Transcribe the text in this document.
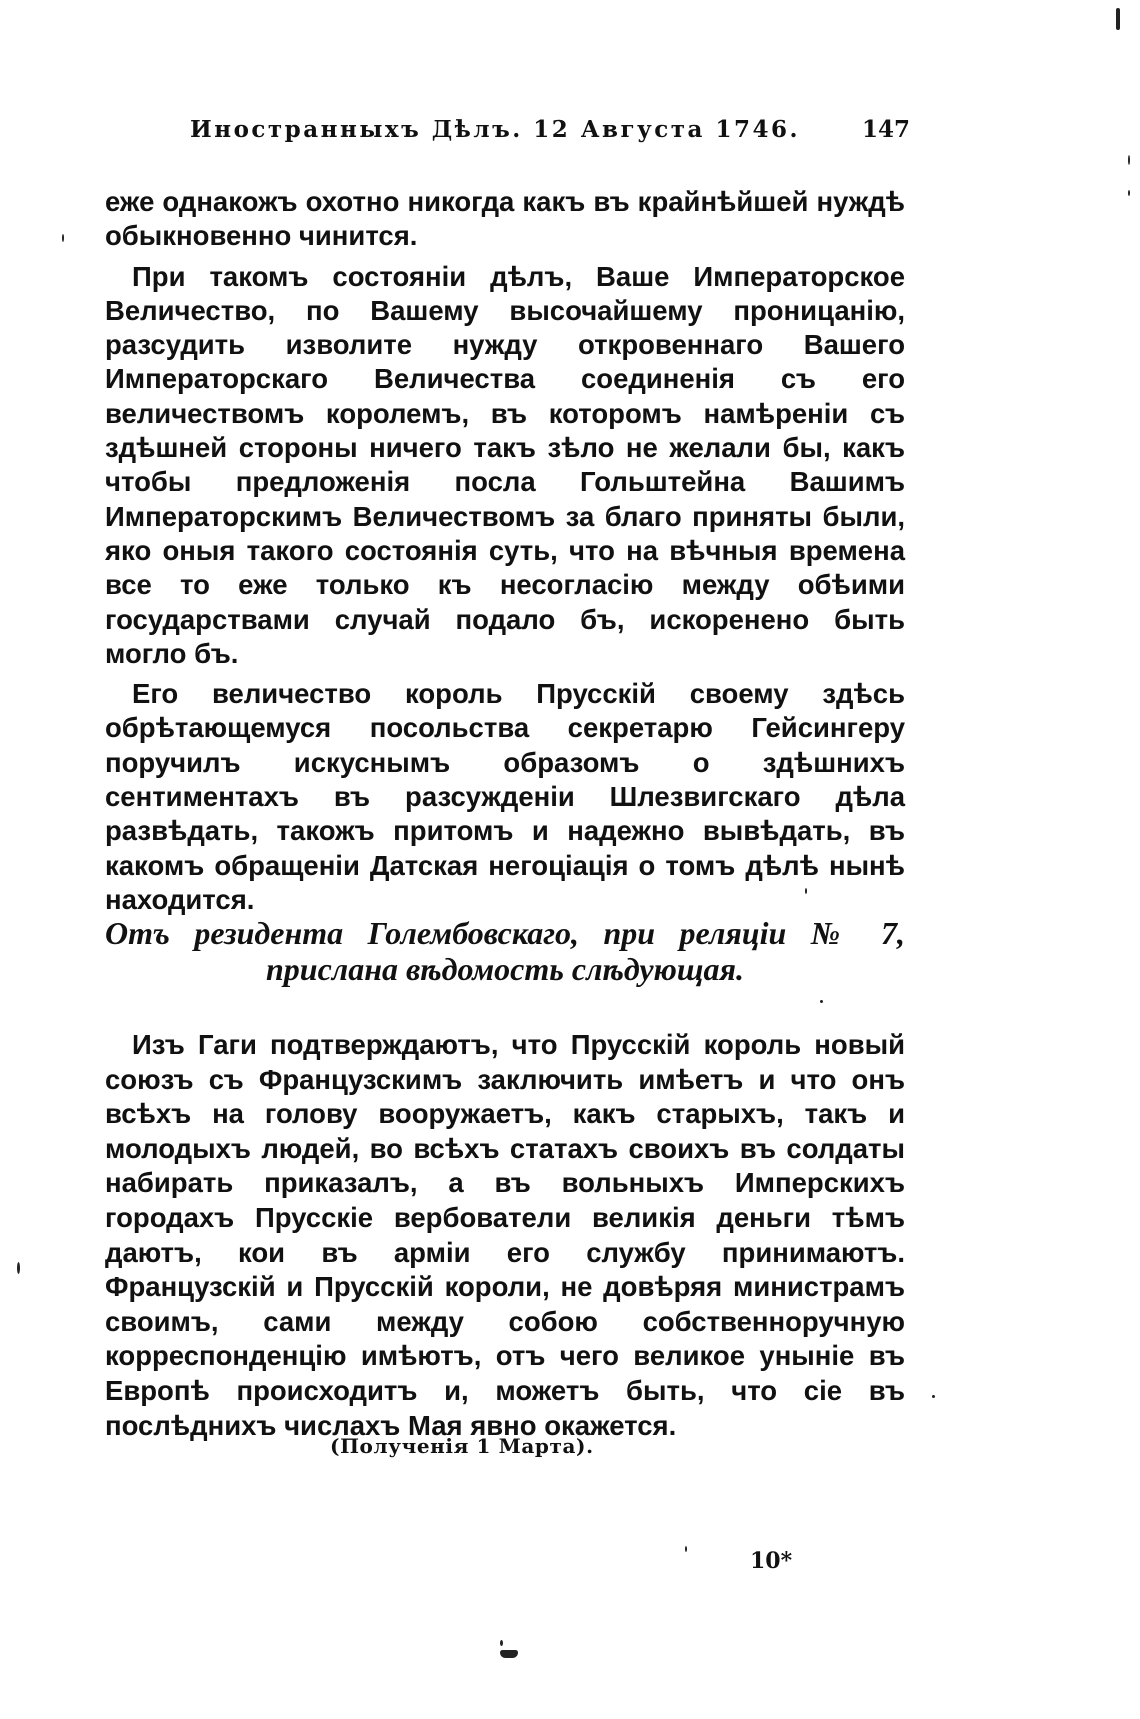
Иностранныхъ Дѣлъ. 12 Августа 1746.	147

еже однакожъ охотно никогда какъ въ крайнѣйшей нуждѣ обыкновенно чинится.

При такомъ состояніи дѣлъ, Ваше Императорское Величество, по Вашему высочайшему проницанію, разсудить изволите нужду откровеннаго Вашего Императорскаго Величества соединенія съ его величествомъ королемъ, въ которомъ намѣреніи съ здѣшней стороны ничего такъ зѣло не желали бы, какъ чтобы предложенія посла Гольштейна Вашимъ Императорскимъ Величествомъ за благо приняты были, яко оныя такого состоянія суть, что на вѣчныя времена все то еже только къ несогласію между обѣими государствами случай подало бъ, искоренено быть могло бъ.

Его величество король Прусскій своему здѣсь обрѣтающемуся посольства секретарю Гейсингеру поручилъ искуснымъ образомъ о здѣшнихъ сентиментахъ въ разсужденіи Шлезвигскаго дѣла развѣдать, такожъ притомъ и надежно вывѣдать, въ какомъ обращеніи Датская негоціація о томъ дѣлѣ нынѣ находится.

Отъ резидента Голембовскаго, при реляціи № 7, прислана вѣдомость слѣдующая.

Изъ Гаги подтверждаютъ, что Прусскій король новый союзъ съ Французскимъ заключить имѣетъ и что онъ всѣхъ на голову вооружаетъ, какъ старыхъ, такъ и молодыхъ людей, во всѣхъ статахъ своихъ въ солдаты набирать приказалъ, а въ вольныхъ Имперскихъ городахъ Прусскіе вербователи великія деньги тѣмъ даютъ, кои въ арміи его службу принимаютъ. Французскій и Прусскій короли, не довѣряя министрамъ своимъ, сами между собою собственноручную корреспонденцію имѣютъ, отъ чего великое уныніе въ Европѣ происходитъ и, можетъ быть, что сіе въ послѣднихъ числахъ Мая явно окажется.

(Полученія 1 Марта).
10*
